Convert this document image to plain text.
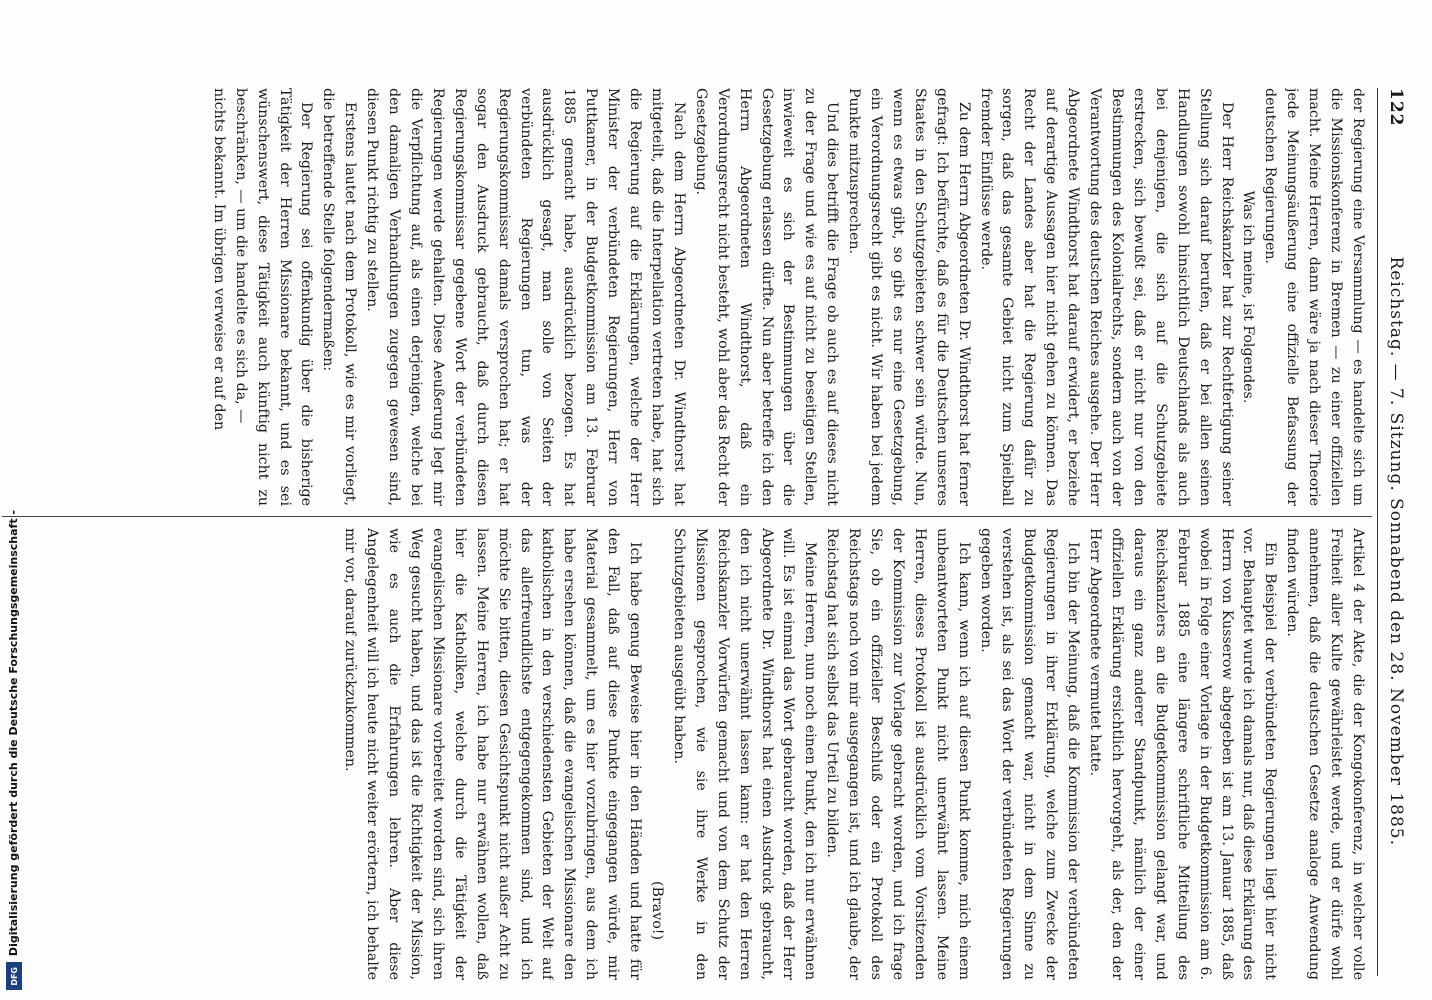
122
Reichstag. — 7. Sitzung. Sonnabend den 28. November 1885.

der Regierung eine Versammlung — es handelte sich um die Missionskonferenz in Bremen — zu einer offiziellen macht. Meine Herren, dann wäre ja nach dieser Theorie jede Meinungsäußerung eine offizielle Befassung der deutschen Regierungen.

Was ich meine, ist Folgendes.

Der Herr Reichskanzler hat zur Rechtfertigung seiner Stellung sich darauf berufen, daß er bei allen seinen Handlungen sowohl hinsichtlich Deutschlands als auch bei denjenigen, die sich auf die Schutzgebiete erstrecken, sich bewußt sei, daß er nicht nur von den Bestimmungen des Kolonialrechts, sondern auch von der Verantwortung des deutschen Reiches ausgehe. Der Herr Abgeordnete Windthorst hat darauf erwidert, er beziehe auf derartige Aussagen hier nicht gehen zu können. Das Recht der Landes aber hat die Regierung dafür zu sorgen, daß das gesamte Gebiet nicht zum Spielball fremder Einflüsse werde.

Zu dem Herrn Abgeordneten Dr. Windthorst hat ferner gefragt: Ich befürchte, daß es für die Deutschen unseres Staates in den Schutzgebieten schwer sein würde. Nun, wenn es etwas gibt, so gibt es nur eine Gesetzgebung, ein Verordnungsrecht gibt es nicht. Wir haben bei jedem Punkte mitzusprechen.

Und dies betrifft die Frage ob auch es auf dieses nicht zu der Frage und wie es auf nicht zu beseitigen Stellen, inwieweit es sich der Bestimmungen über die Gesetzgebung erlassen dürfte. Nun aber betreffe ich den Herrn Abgeordneten Windthorst, daß ein Verordnungsrecht nicht besteht, wohl aber das Recht der Gesetzgebung.

Nach dem Herrn Abgeordneten Dr. Windthorst hat mitgeteilt, daß die Interpellation vertreten habe, hat sich die Regierung auf die Erklärungen, welche der Herr Minister der verbündeten Regierungen, Herr von Puttkamer, in der Budgetkommission am 13. Februar 1885 gemacht habe, ausdrücklich bezogen. Es hat ausdrücklich gesagt, man solle von Seiten der verbündeten Regierungen tun, was der Regierungskommissar damals versprochen hat; er hat sogar den Ausdruck gebraucht, daß durch diesen Regierungskommissar gegebene Wort der verbündeten Regierungen werde gehalten. Diese Aeußerung legt mir die Verpflichtung auf, als einen derjenigen, welche bei den damaligen Verhandlungen zugegen gewesen sind, diesen Punkt richtig zu stellen.

Erstens lautet nach dem Protokoll, wie es mir vorliegt, die betreffende Stelle folgendermaßen:

Der Regierung sei offenkundig über die bisherige Tätigkeit der Herren Missionare bekannt, und es sei wünschenswert, diese Tätigkeit auch künftig nicht zu beschränken, — um die handelte es sich da, —

nichts bekannt. Im übrigen verweise er auf den

Artikel 4 der Akte, die der Kongokonferenz, in welcher volle Freiheit aller Kulte gewährleistet werde, und er dürfe wohl annehmen, daß die deutschen Gesetze analoge Anwendung finden würden.

Ein Beispiel der verbündeten Regierungen liegt hier nicht vor. Behauptet wurde ich damals nur, daß diese Erklärung des Herrn von Kusserow abgegeben ist am 13. Januar 1885, daß wobei in Folge einer Vorlage in der Budgetkommission am 6. Februar 1885 eine längere schriftliche Mitteilung des Reichskanzlers an die Budgetkommission gelangt war, und daraus ein ganz anderer Standpunkt, nämlich der einer offiziellen Erklärung ersichtlich hervorgeht, als der, den der Herr Abgeordnete vermutet hatte.

Ich bin der Meinung, daß die Kommission der verbündeten Regierungen in ihrer Erklärung, welche zum Zwecke der Budgetkommission gemacht war, nicht in dem Sinne zu verstehen ist, als sei das Wort der verbündeten Regierungen gegeben worden.

Ich kann, wenn ich auf diesen Punkt komme, mich einem unbeantworteten Punkt nicht unerwähnt lassen. Meine Herren, dieses Protokoll ist ausdrücklich vom Vorsitzenden der Kommission zur Vorlage gebracht worden, und ich frage Sie, ob ein offizieller Beschluß oder ein Protokoll des Reichstags noch von mir ausgegangen ist, und ich glaube, der Reichstag hat sich selbst das Urteil zu bilden.

Meine Herren, nun noch einen Punkt, den ich nur erwähnen will. Es ist einmal das Wort gebraucht worden, daß der Herr Abgeordnete Dr. Windthorst hat einen Ausdruck gebraucht, den ich nicht unerwähnt lassen kann: er hat den Herren Reichskanzler Vorwürfen gemacht und von dem Schutz der Missionen gesprochen, wie sie ihre Werke in den Schutzgebieten ausgeübt haben.

(Bravo!)

Ich habe genug Beweise hier in den Händen und hatte für den Fall, daß auf diese Punkte eingegangen würde, mir Material gesammelt, um es hier vorzubringen, aus dem ich habe ersehen können, daß die evangelischen Missionare den katholischen in den verschiedensten Gebieten der Welt auf das allerfreundlichste entgegengekommen sind, und ich möchte Sie bitten, diesen Gesichtspunkt nicht außer Acht zu lassen. Meine Herren, ich habe nur erwähnen wollen, daß hier die Katholiken, welche durch die Tätigkeit der evangelischen Missionare vorbereitet worden sind, sich ihren Weg gesucht haben, und das ist die Richtigkeit der Mission, wie es auch die Erfahrungen lehren. Aber diese Angelegenheit will ich heute nicht weiter erörtern, ich behalte mir vor, darauf zurückzukommen.

Digitalisierung gefördert durch die Deutsche Forschungsgemeinschaft -
DFG
